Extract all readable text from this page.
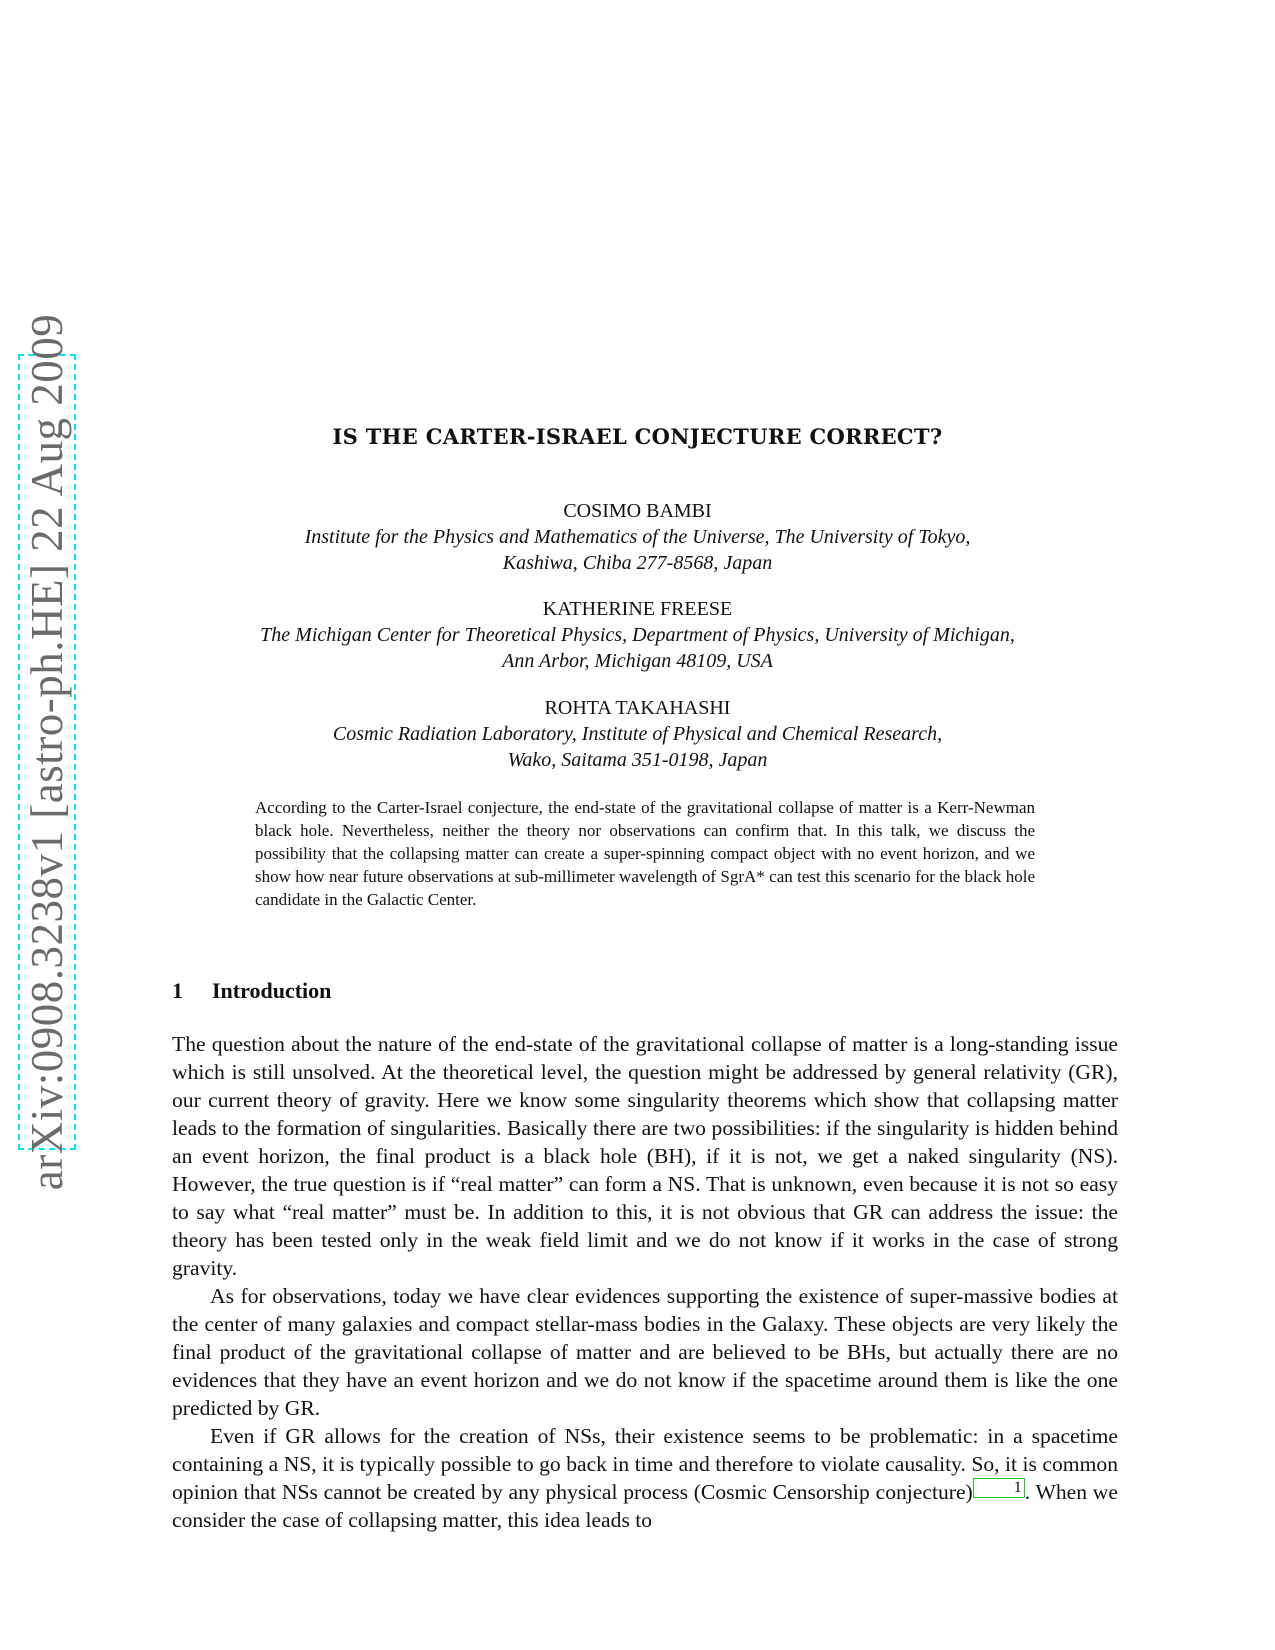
arXiv:0908.3238v1 [astro-ph.HE] 22 Aug 2009	IS THE CARTER-ISRAEL CONJECTURE CORRECT?
COSIMO BAMBI
Institute for the Physics and Mathematics of the Universe, The University of Tokyo,
Kashiwa, Chiba 277-8568, Japan
KATHERINE FREESE
The Michigan Center for Theoretical Physics, Department of Physics, University of Michigan,
Ann Arbor, Michigan 48109, USA
ROHTA TAKAHASHI
Cosmic Radiation Laboratory, Institute of Physical and Chemical Research,
Wako, Saitama 351-0198, Japan
According to the Carter-Israel conjecture, the end-state of the gravitational collapse of matter is a Kerr-Newman black hole. Nevertheless, neither the theory nor observations can confirm that. In this talk, we discuss the possibility that the collapsing matter can create a super-spinning compact object with no event horizon, and we show how near future observations at sub-millimeter wavelength of SgrA* can test this scenario for the black hole candidate in the Galactic Center.
1 Introduction

The question about the nature of the end-state of the gravitational collapse of matter is a long-standing issue which is still unsolved. At the theoretical level, the question might be addressed by general relativity (GR), our current theory of gravity. Here we know some singularity theorems which show that collapsing matter leads to the formation of singularities. Basically there are two possibilities: if the singularity is hidden behind an event horizon, the final product is a black hole (BH), if it is not, we get a naked singularity (NS). However, the true question is if “real matter” can form a NS. That is unknown, even because it is not so easy to say what “real matter” must be. In addition to this, it is not obvious that GR can address the issue: the theory has been tested only in the weak field limit and we do not know if it works in the case of strong gravity.

As for observations, today we have clear evidences supporting the existence of super-massive bodies at the center of many galaxies and compact stellar-mass bodies in the Galaxy. These objects are very likely the final product of the gravitational collapse of matter and are believed to be BHs, but actually there are no evidences that they have an event horizon and we do not know if the spacetime around them is like the one predicted by GR.

Even if GR allows for the creation of NSs, their existence seems to be problematic: in a spacetime containing a NS, it is typically possible to go back in time and therefore to violate causality. So, it is common opinion that NSs cannot be created by any physical process (Cosmic Censorship conjecture)	1 . When we consider the case of collapsing matter, this idea leads to
